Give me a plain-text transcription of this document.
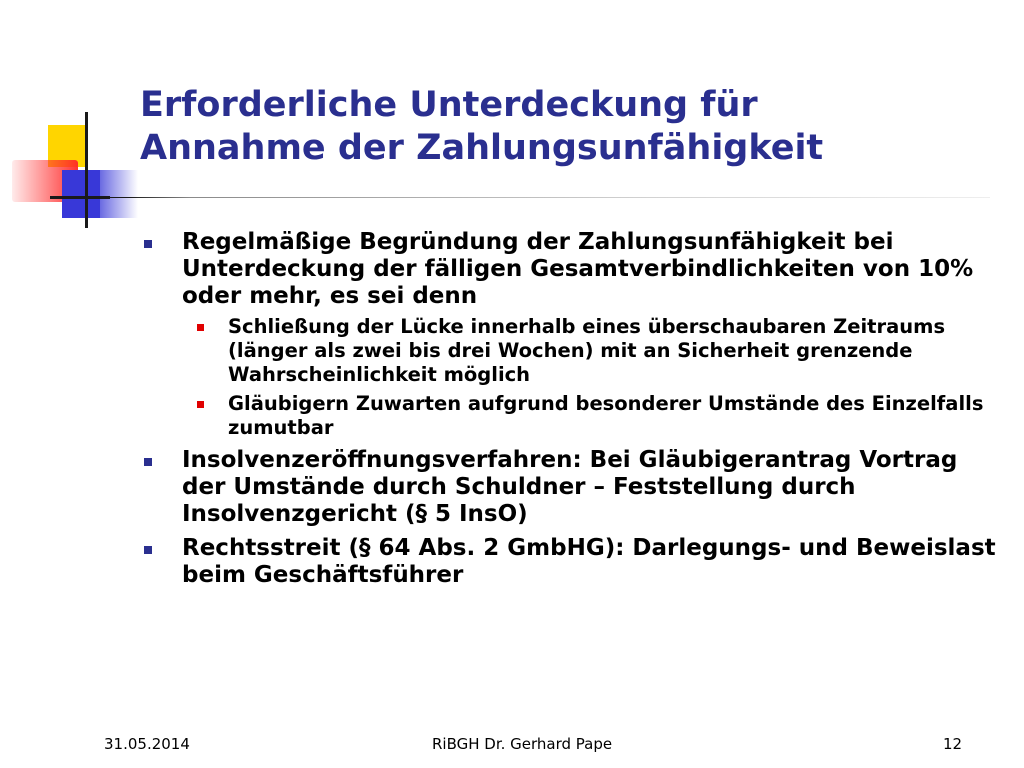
Erforderliche Unterdeckung für
Annahme der Zahlungsunfähigkeit
Regelmäßige Begründung der Zahlungsunfähigkeit bei Unterdeckung der fälligen Gesamtverbindlichkeiten von 10% oder mehr, es sei denn
Schließung der Lücke innerhalb eines überschaubaren Zeitraums (länger als zwei bis drei Wochen) mit an Sicherheit grenzende Wahrscheinlichkeit möglich
Gläubigern Zuwarten aufgrund besonderer Umstände des Einzelfalls zumutbar
Insolvenzeröffnungsverfahren: Bei Gläubigerantrag Vortrag der Umstände durch Schuldner – Feststellung durch Insolvenzgericht (§ 5 InsO)
Rechtsstreit (§ 64 Abs. 2 GmbHG): Darlegungs- und Beweislast beim Geschäftsführer
31.05.2014	RiBGH Dr. Gerhard Pape	12
